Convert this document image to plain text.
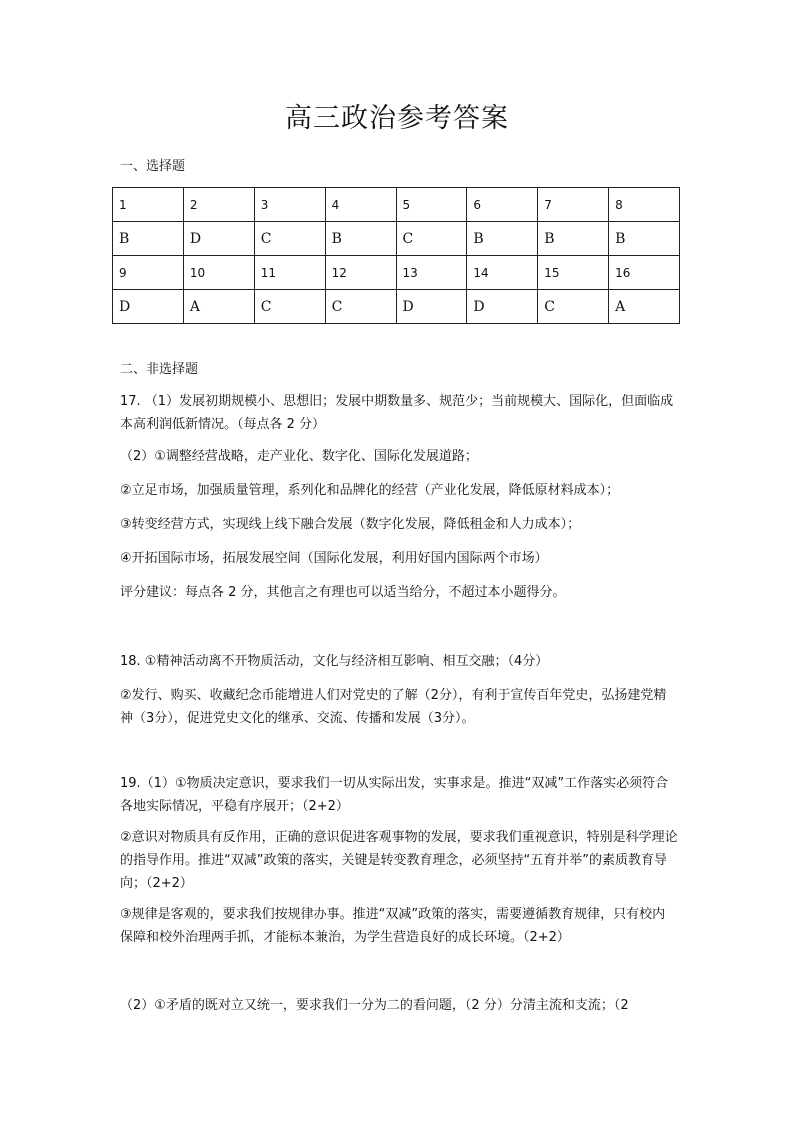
高三政治参考答案
一、选择题
1	2	3	4	5	6	7	8
B	D	C	B	C	B	B	B
9	10	11	12	13	14	15	16
D	A	C	C	D	D	C	A
二、非选择题
17. （1）发展初期规模小、思想旧；发展中期数量多、规范少；当前规模大、国际化，但面临成本高利润低新情况。（每点各 2 分）
（2）①调整经营战略，走产业化、数字化、国际化发展道路；
②立足市场，加强质量管理，系列化和品牌化的经营（产业化发展，降低原材料成本）；
③转变经营方式，实现线上线下融合发展（数字化发展，降低租金和人力成本）；
④开拓国际市场，拓展发展空间（国际化发展，利用好国内国际两个市场）
评分建议：每点各 2 分，其他言之有理也可以适当给分，不超过本小题得分。
18. ①精神活动离不开物质活动，文化与经济相互影响、相互交融；（4分）
②发行、购买、收藏纪念币能增进人们对党史的了解（2分），有利于宣传百年党史，弘扬建党精神（3分），促进党史文化的继承、交流、传播和发展（3分）。
19.（1）①物质决定意识，要求我们一切从实际出发，实事求是。推进“双减”工作落实必须符合各地实际情况，平稳有序展开；（2+2）
②意识对物质具有反作用，正确的意识促进客观事物的发展，要求我们重视意识，特别是科学理论的指导作用。推进“双减”政策的落实，关键是转变教育理念，必须坚持“五育并举”的素质教育导向；（2+2）
③规律是客观的，要求我们按规律办事。推进“双减”政策的落实，需要遵循教育规律，只有校内保障和校外治理两手抓，才能标本兼治，为学生营造良好的成长环境。（2+2）
（2）①矛盾的既对立又统一，要求我们一分为二的看问题，（2 分）分清主流和支流；（2
